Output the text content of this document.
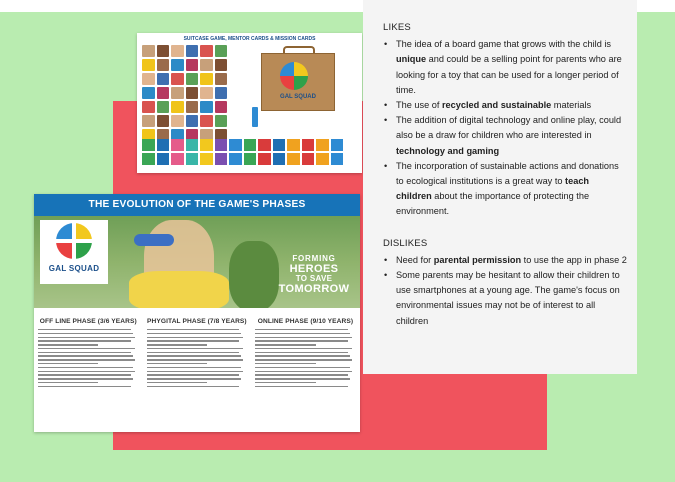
SUITCASE GAME, MENTOR CARDS & MISSION CARDS
GAL SQUAD
THE EVOLUTION OF THE GAME'S PHASES
GAL SQUAD
FORMING
HEROES
TO SAVE
TOMORROW
OFF LINE PHASE (3/6 YEARS) PHYGITAL PHASE (7/8 YEARS)	ONLINE PHASE (9/10 YEARS)
LIKES
• The idea of a board game that grows with the child is unique and could be a selling point for parents who are looking for a toy that can be used for a longer period of time.
• The use of recycled and sustainable materials
• The addition of digital technology and online play, could also be a draw for children who are interested in technology and gaming
• The incorporation of sustainable actions and donations to ecological institutions is a great way to teach children about the importance of protecting the environment.
DISLIKES
• Need for parental permission to use the app in phase 2
• Some parents may be hesitant to allow their children to use smartphones at a young age. The game's focus on environmental issues may not be of interest to all children
